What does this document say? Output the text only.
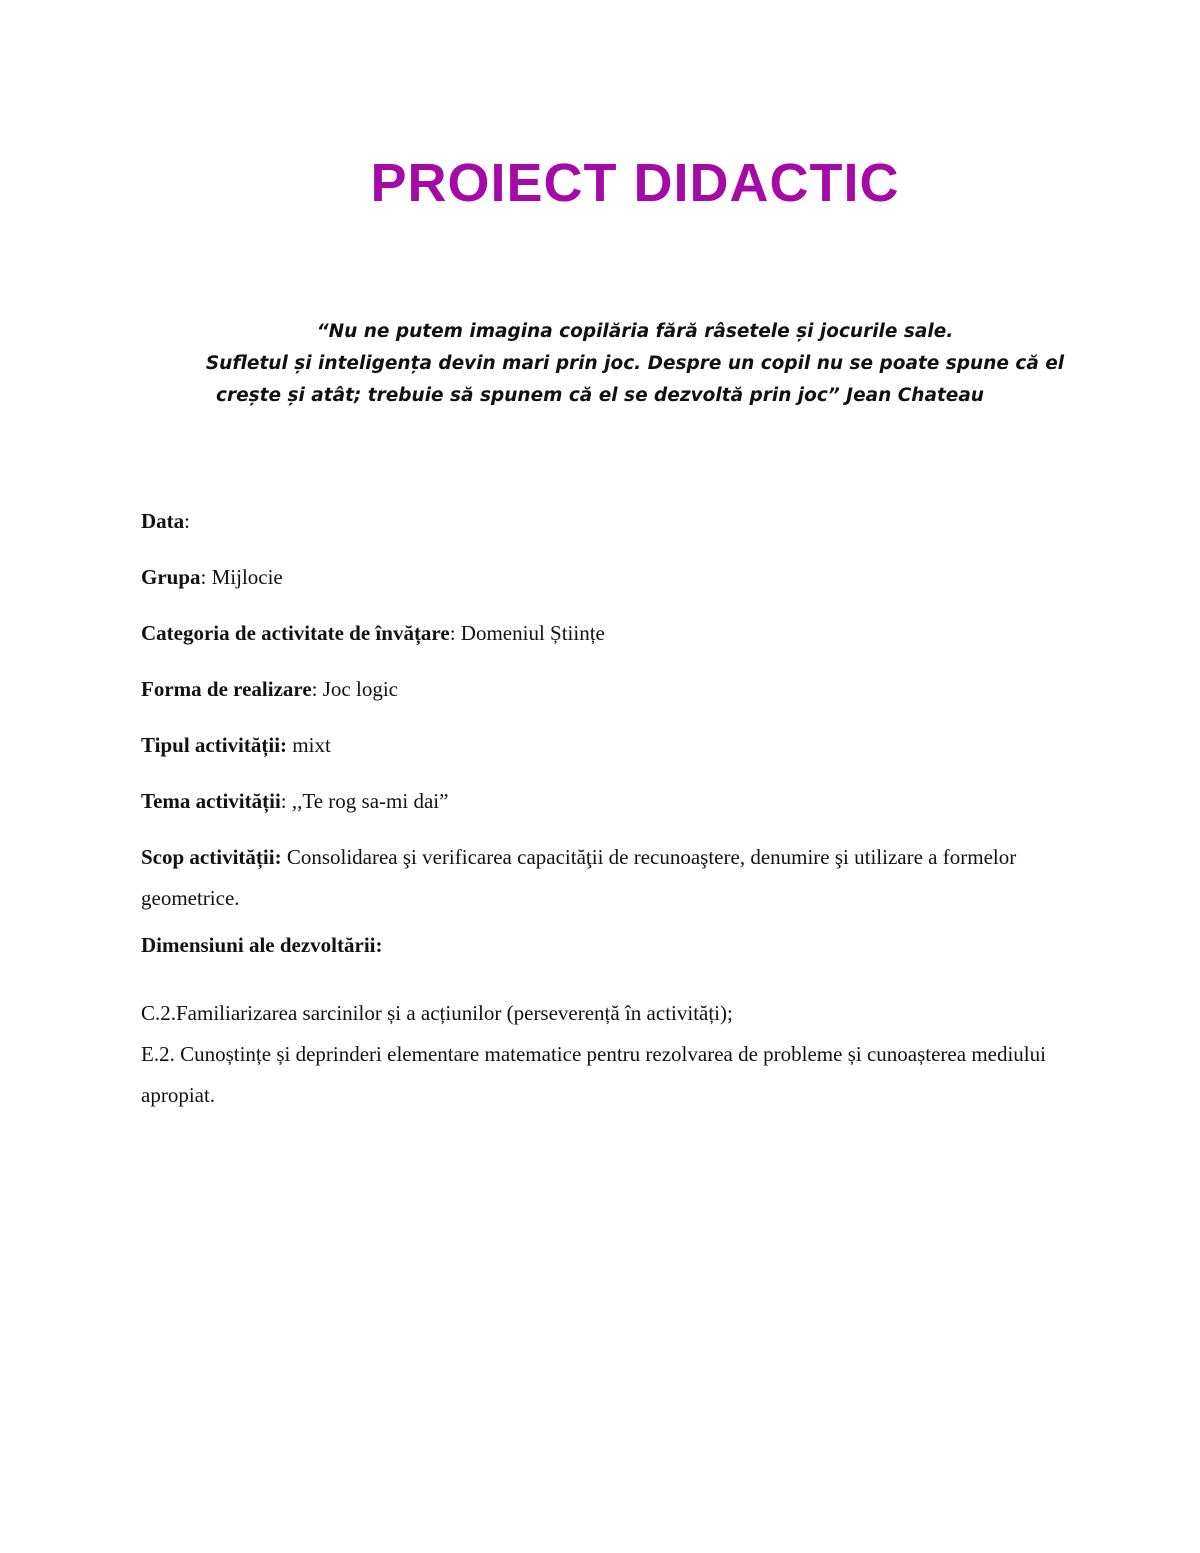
PROIECT DIDACTIC
“Nu ne putem imagina copilăria fără râsetele și jocurile sale.
Sufletul și inteligența devin mari prin joc. Despre un copil nu se poate spune că el
crește și atât; trebuie să spunem că el se dezvoltă prin joc” Jean Chateau

Data:

Grupa: Mijlocie

Categoria de activitate de învățare: Domeniul Științe

Forma de realizare: Joc logic

Tipul activității: mixt

Tema activității: ,,Te rog sa-mi dai”

Scop activității: Consolidarea şi verificarea capacităţii de recunoaştere, denumire şi utilizare a formelor geometrice.

Dimensiuni ale dezvoltării:

C.2.Familiarizarea sarcinilor și a acțiunilor (perseverență în activități);

E.2. Cunoștințe și deprinderi elementare matematice pentru rezolvarea de probleme și cunoașterea mediului apropiat.
